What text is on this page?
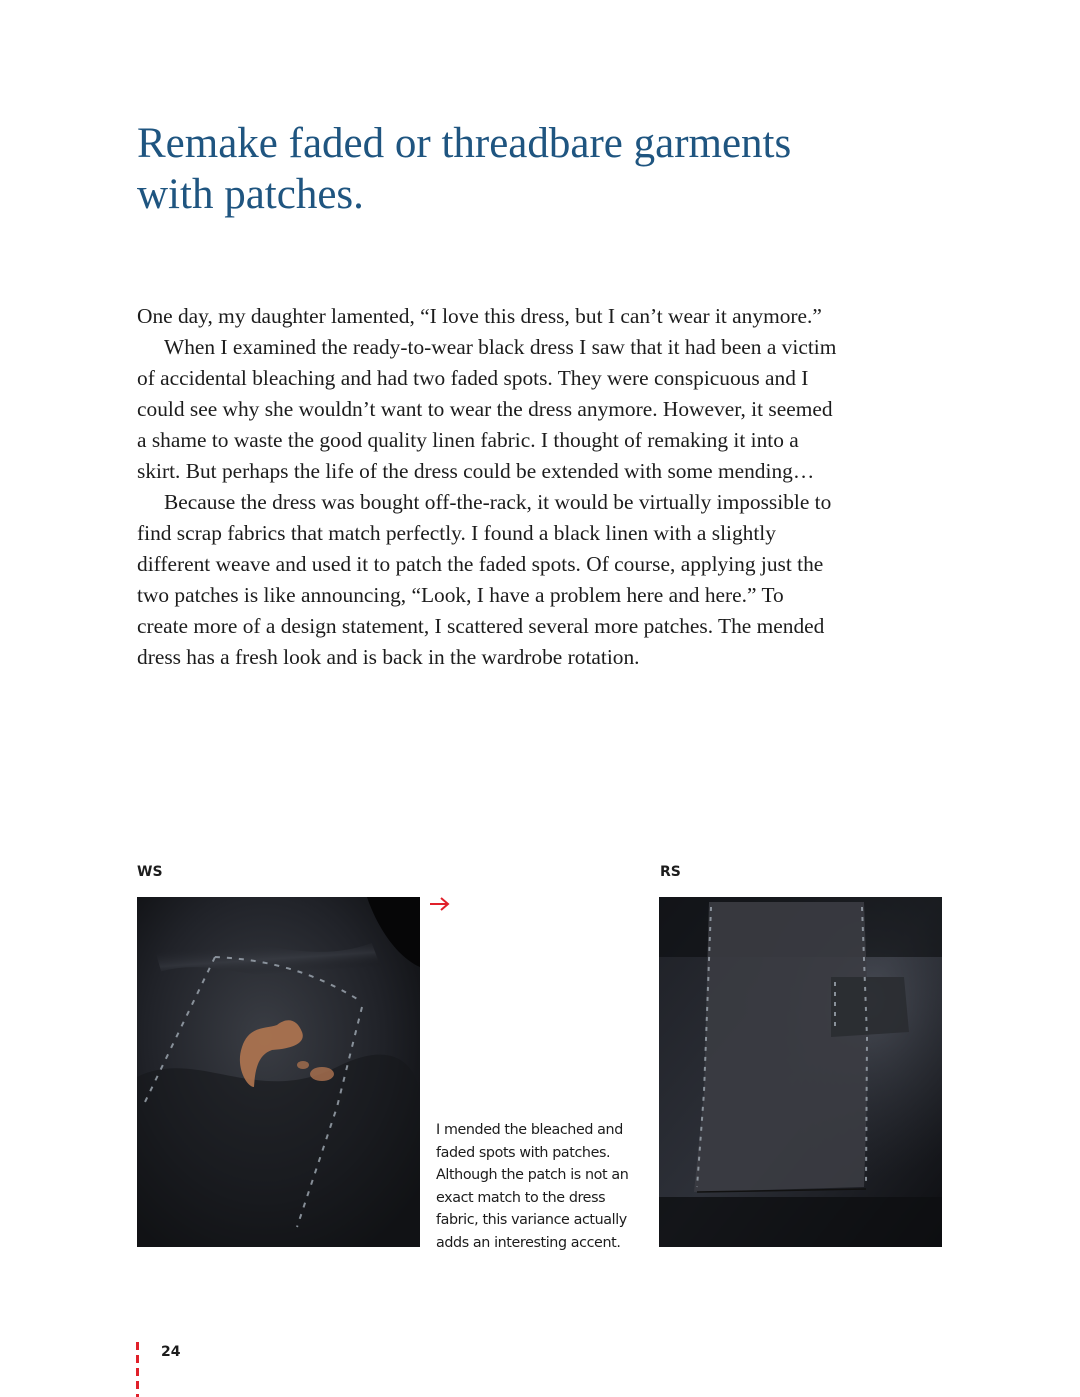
Remake faded or threadbare garments with patches.

One day, my daughter lamented, “I love this dress, but I can’t wear it anymore.”

When I examined the ready-to-wear black dress I saw that it had been a victim of accidental bleaching and had two faded spots. They were conspicuous and I could see why she wouldn’t want to wear the dress anymore. However, it seemed a shame to waste the good quality linen fabric. I thought of remaking it into a skirt. But perhaps the life of the dress could be extended with some mending…

Because the dress was bought off-the-rack, it would be virtually impossible to find scrap fabrics that match perfectly. I found a black linen with a slightly different weave and used it to patch the faded spots. Of course, applying just the two patches is like announcing, “Look, I have a problem here and here.” To create more of a design statement, I scattered several more patches. The mended dress has a fresh look and is back in the wardrobe rotation.

WS	RS
I mended the bleached and faded spots with patches. Although the patch is not an exact match to the dress fabric, this variance actually adds an interesting accent.
24
